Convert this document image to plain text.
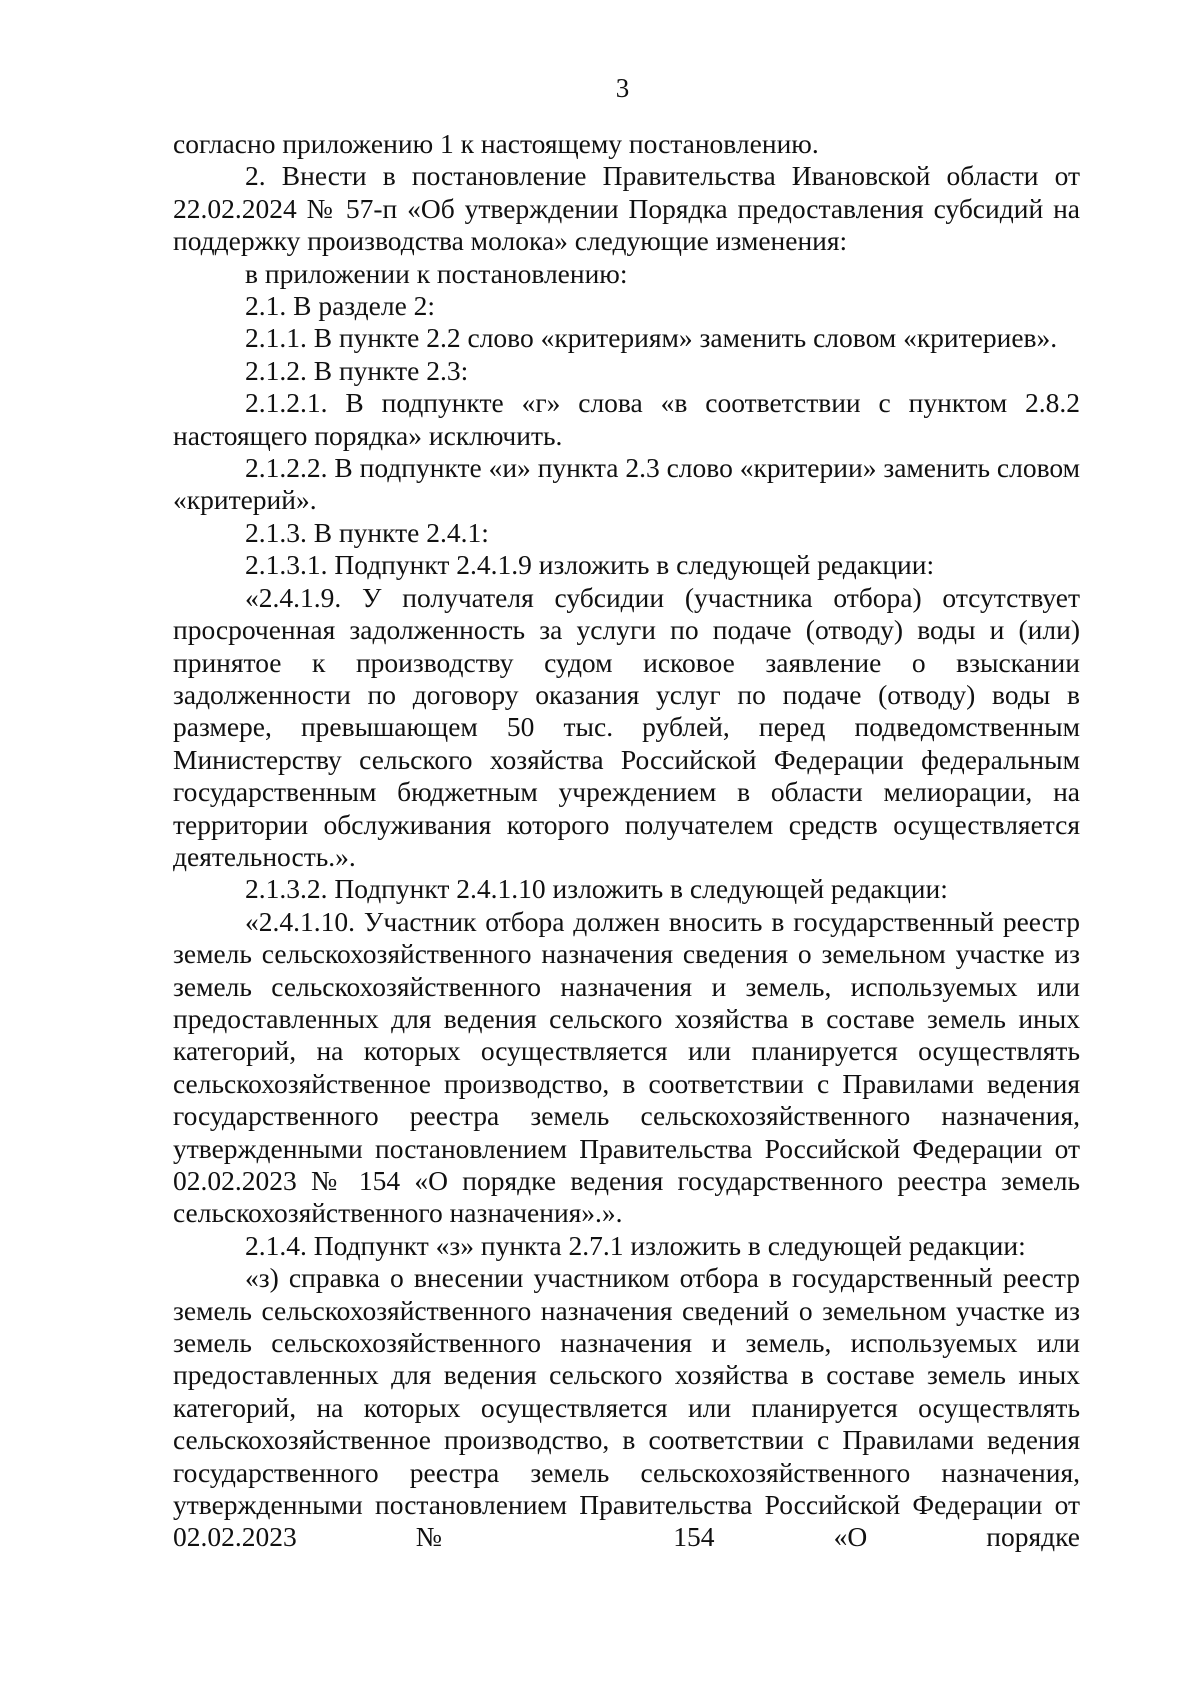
3

согласно приложению 1 к настоящему постановлению.

2. Внести в постановление Правительства Ивановской области от 22.02.2024 № 57-п «Об утверждении Порядка предоставления субсидий на поддержку производства молока» следующие изменения:

в приложении к постановлению:

2.1. В разделе 2:

2.1.1. В пункте 2.2 слово «критериям» заменить словом «критериев».

2.1.2. В пункте 2.3:

2.1.2.1. В подпункте «г» слова «в соответствии с пунктом 2.8.2 настоящего порядка» исключить.

2.1.2.2. В подпункте «и» пункта 2.3 слово «критерии» заменить словом «критерий».

2.1.3. В пункте 2.4.1:

2.1.3.1. Подпункт 2.4.1.9 изложить в следующей редакции:

«2.4.1.9. У получателя субсидии (участника отбора) отсутствует просроченная задолженность за услуги по подаче (отводу) воды и (или) принятое к производству судом исковое заявление о взыскании задолженности по договору оказания услуг по подаче (отводу) воды в размере, превышающем 50 тыс. рублей, перед подведомственным Министерству сельского хозяйства Российской Федерации федеральным государственным бюджетным учреждением в области мелиорации, на территории обслуживания которого получателем средств осуществляется деятельность.».

2.1.3.2. Подпункт 2.4.1.10 изложить в следующей редакции:

«2.4.1.10. Участник отбора должен вносить в государственный реестр земель сельскохозяйственного назначения сведения о земельном участке из земель сельскохозяйственного назначения и земель, используемых или предоставленных для ведения сельского хозяйства в составе земель иных категорий, на которых осуществляется или планируется осуществлять сельскохозяйственное производство, в соответствии с Правилами ведения государственного реестра земель сельскохозяйственного назначения, утвержденными постановлением Правительства Российской Федерации от 02.02.2023 № 154 «О порядке ведения государственного реестра земель сельскохозяйственного назначения».».

2.1.4. Подпункт «з» пункта 2.7.1 изложить в следующей редакции:

«з) справка о внесении участником отбора в государственный реестр земель сельскохозяйственного назначения сведений о земельном участке из земель сельскохозяйственного назначения и земель, используемых или предоставленных для ведения сельского хозяйства в составе земель иных категорий, на которых осуществляется или планируется осуществлять сельскохозяйственное производство, в соответствии с Правилами ведения государственного реестра земель сельскохозяйственного назначения, утвержденными постановлением Правительства Российской Федерации от 02.02.2023 № 154 «О порядке
